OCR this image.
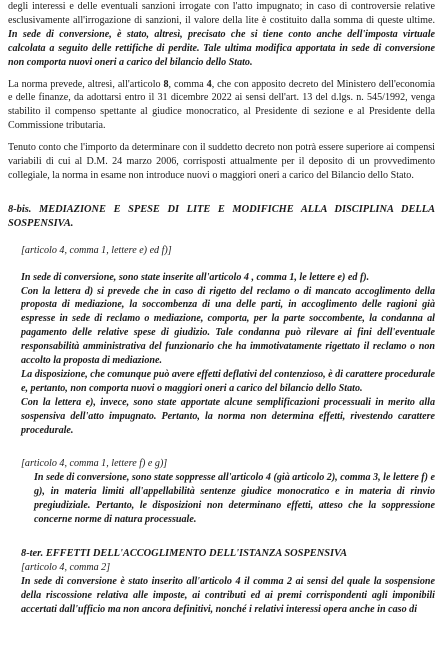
degli interessi e delle eventuali sanzioni irrogate con l'atto impugnato; in caso di controversie relative esclusivamente all'irrogazione di sanzioni, il valore della lite è costituito dalla somma di queste ultime. In sede di conversione, è stato, altresì, precisato che si tiene conto anche dell'imposta virtuale calcolata a seguito delle rettifiche di perdite. Tale ultima modifica apportata in sede di conversione non comporta nuovi oneri a carico del bilancio dello Stato.

La norma prevede, altresì, all'articolo 8, comma 4, che con apposito decreto del Ministero dell'economia e delle finanze, da adottarsi entro il 31 dicembre 2022 ai sensi dell'art. 13 del d.lgs. n. 545/1992, venga stabilito il compenso spettante al giudice monocratico, al Presidente di sezione e al Presidente della Commissione tributaria.

Tenuto conto che l'importo da determinare con il suddetto decreto non potrà essere superiore ai compensi variabili di cui al D.M. 24 marzo 2006, corrisposti attualmente per il deposito di un provvedimento collegiale, la norma in esame non introduce nuovi o maggiori oneri a carico del Bilancio dello Stato.

8-bis. MEDIAZIONE E SPESE DI LITE E MODIFICHE ALLA DISCIPLINA DELLA SOSPENSIVA.

[articolo 4, comma 1, lettere e) ed f)]

In sede di conversione, sono state inserite all'articolo 4 , comma 1, le lettere e) ed f).

Con la lettera d) si prevede che in caso di rigetto del reclamo o di mancato accoglimento della proposta di mediazione, la soccombenza di una delle parti, in accoglimento delle ragioni già espresse in sede di reclamo o mediazione, comporta, per la parte soccombente, la condanna al pagamento delle relative spese di giudizio. Tale condanna può rilevare ai fini dell'eventuale responsabilità amministrativa del funzionario che ha immotivatamente rigettato il reclamo o non accolto la proposta di mediazione.

La disposizione, che comunque può avere effetti deflativi del contenzioso, è di carattere procedurale e, pertanto, non comporta nuovi o maggiori oneri a carico del bilancio dello Stato.

Con la lettera e), invece, sono state apportate alcune semplificazioni processuali in merito alla sospensiva dell'atto impugnato. Pertanto, la norma non determina effetti, rivestendo carattere procedurale.

[articolo 4, comma 1, lettere f) e g)]

In sede di conversione, sono state soppresse all'articolo 4 (già articolo 2), comma 3, le lettere f) e g), in materia limiti all'appellabilità sentenze giudice monocratico e in materia di rinvio pregiudiziale. Pertanto, le disposizioni non determinano effetti, atteso che la soppressione concerne norme di natura processuale.

8-ter. EFFETTI DELL'ACCOGLIMENTO DELL'ISTANZA SOSPENSIVA

[articolo 4, comma 2]

In sede di conversione è stato inserito all'articolo 4 il comma 2 ai sensi del quale la sospensione della riscossione relativa alle imposte, ai contributi ed ai premi corrispondenti agli imponibili accertati dall'ufficio ma non ancora definitivi, nonché i relativi interessi opera anche in caso di
